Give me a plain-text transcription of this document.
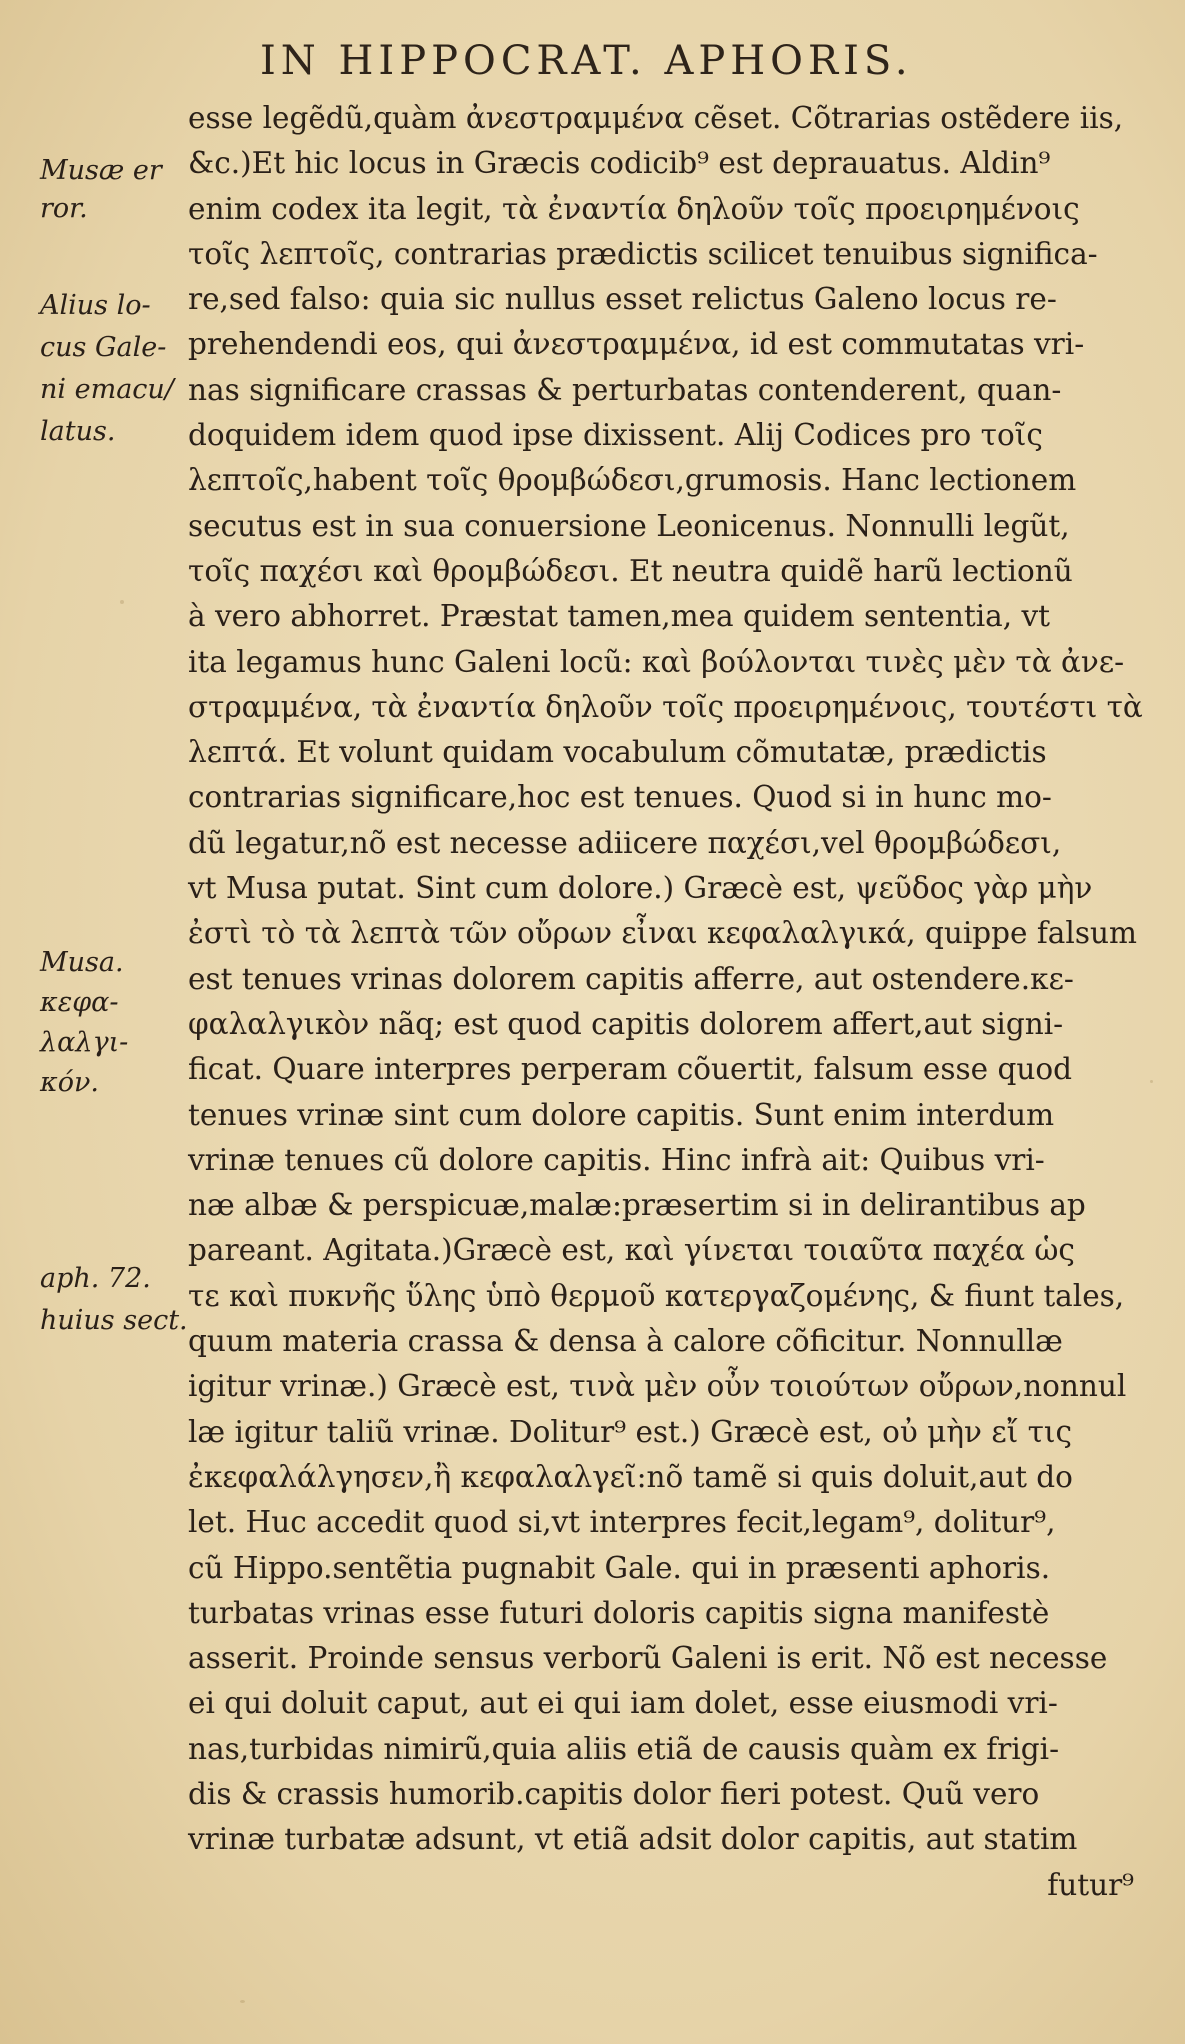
IN HIPPOCRAT. APHORIS.
Musæ er
ror.
Alius lo-
cus Gale-
ni emacu/
latus.
Musa.
κεφα-
λαλγι-
κόν.
aph. 72.
huius sect.
esse legẽdũ,quàm ἀνεστραμμένα cẽset. Cõtrarias ostẽdere iis,
&c.)Et hic locus in Græcis codicib⁹ est deprauatus. Aldin⁹
enim codex ita legit, τὰ ἐναντία δηλοῦν τοῖς προειρημένοις
τοῖς λεπτοῖς, contrarias prædictis scilicet tenuibus significa-
re,sed falso: quia sic nullus esset relictus Galeno locus re-
prehendendi eos, qui ἀνεστραμμένα, id est commutatas vri-
nas significare crassas & perturbatas contenderent, quan-
doquidem idem quod ipse dixissent. Alij Codices pro τοῖς
λεπτοῖς,habent τοῖς θρομβώδεσι,grumosis. Hanc lectionem
secutus est in sua conuersione Leonicenus. Nonnulli legũt,
τοῖς παχέσι καὶ θρομβώδεσι. Et neutra quidẽ harũ lectionũ
à vero abhorret. Præstat tamen,mea quidem sententia, vt
ita legamus hunc Galeni locũ: καὶ βούλονται τινὲς μὲν τὰ ἀνε-
στραμμένα, τὰ ἐναντία δηλοῦν τοῖς προειρημένοις, τουτέστι τὰ
λεπτά. Et volunt quidam vocabulum cõmutatæ, prædictis
contrarias significare,hoc est tenues. Quod si in hunc mo-
dũ legatur,nõ est necesse adiicere παχέσι,vel θρομβώδεσι,
vt Musa putat. Sint cum dolore.) Græcè est, ψεῦδος γὰρ μὴν
ἐστὶ τὸ τὰ λεπτὰ τῶν οὔρων εἶναι κεφαλαλγικά, quippe falsum
est tenues vrinas dolorem capitis afferre, aut ostendere.κε-
φαλαλγικὸν nãq; est quod capitis dolorem affert,aut signi-
ficat. Quare interpres perperam cõuertit, falsum esse quod
tenues vrinæ sint cum dolore capitis. Sunt enim interdum
vrinæ tenues cũ dolore capitis. Hinc infrà ait: Quibus vri-
næ albæ & perspicuæ,malæ:præsertim si in delirantibus ap
pareant. Agitata.)Græcè est, καὶ γίνεται τοιαῦτα παχέα ὡς
τε καὶ πυκνῆς ὕλης ὑπὸ θερμοῦ κατεργαζομένης, & fiunt tales,
quum materia crassa & densa à calore cõficitur. Nonnullæ
igitur vrinæ.) Græcè est, τινὰ μὲν οὖν τοιούτων οὔρων,nonnul
læ igitur taliũ vrinæ. Dolitur⁹ est.) Græcè est, οὐ μὴν εἴ τις
ἐκεφαλάλγησεν,ἢ κεφαλαλγεῖ:nõ tamẽ si quis doluit,aut do
let. Huc accedit quod si,vt interpres fecit,legam⁹, dolitur⁹,
cũ Hippo.sentẽtia pugnabit Gale. qui in præsenti aphoris.
turbatas vrinas esse futuri doloris capitis signa manifestè
asserit. Proinde sensus verborũ Galeni is erit. Nõ est necesse
ei qui doluit caput, aut ei qui iam dolet, esse eiusmodi vri-
nas,turbidas nimirũ,quia aliis etiã de causis quàm ex frigi-
dis & crassis humorib.capitis dolor fieri potest. Quũ vero
vrinæ turbatæ adsunt, vt etiã adsit dolor capitis, aut statim
futur⁹
